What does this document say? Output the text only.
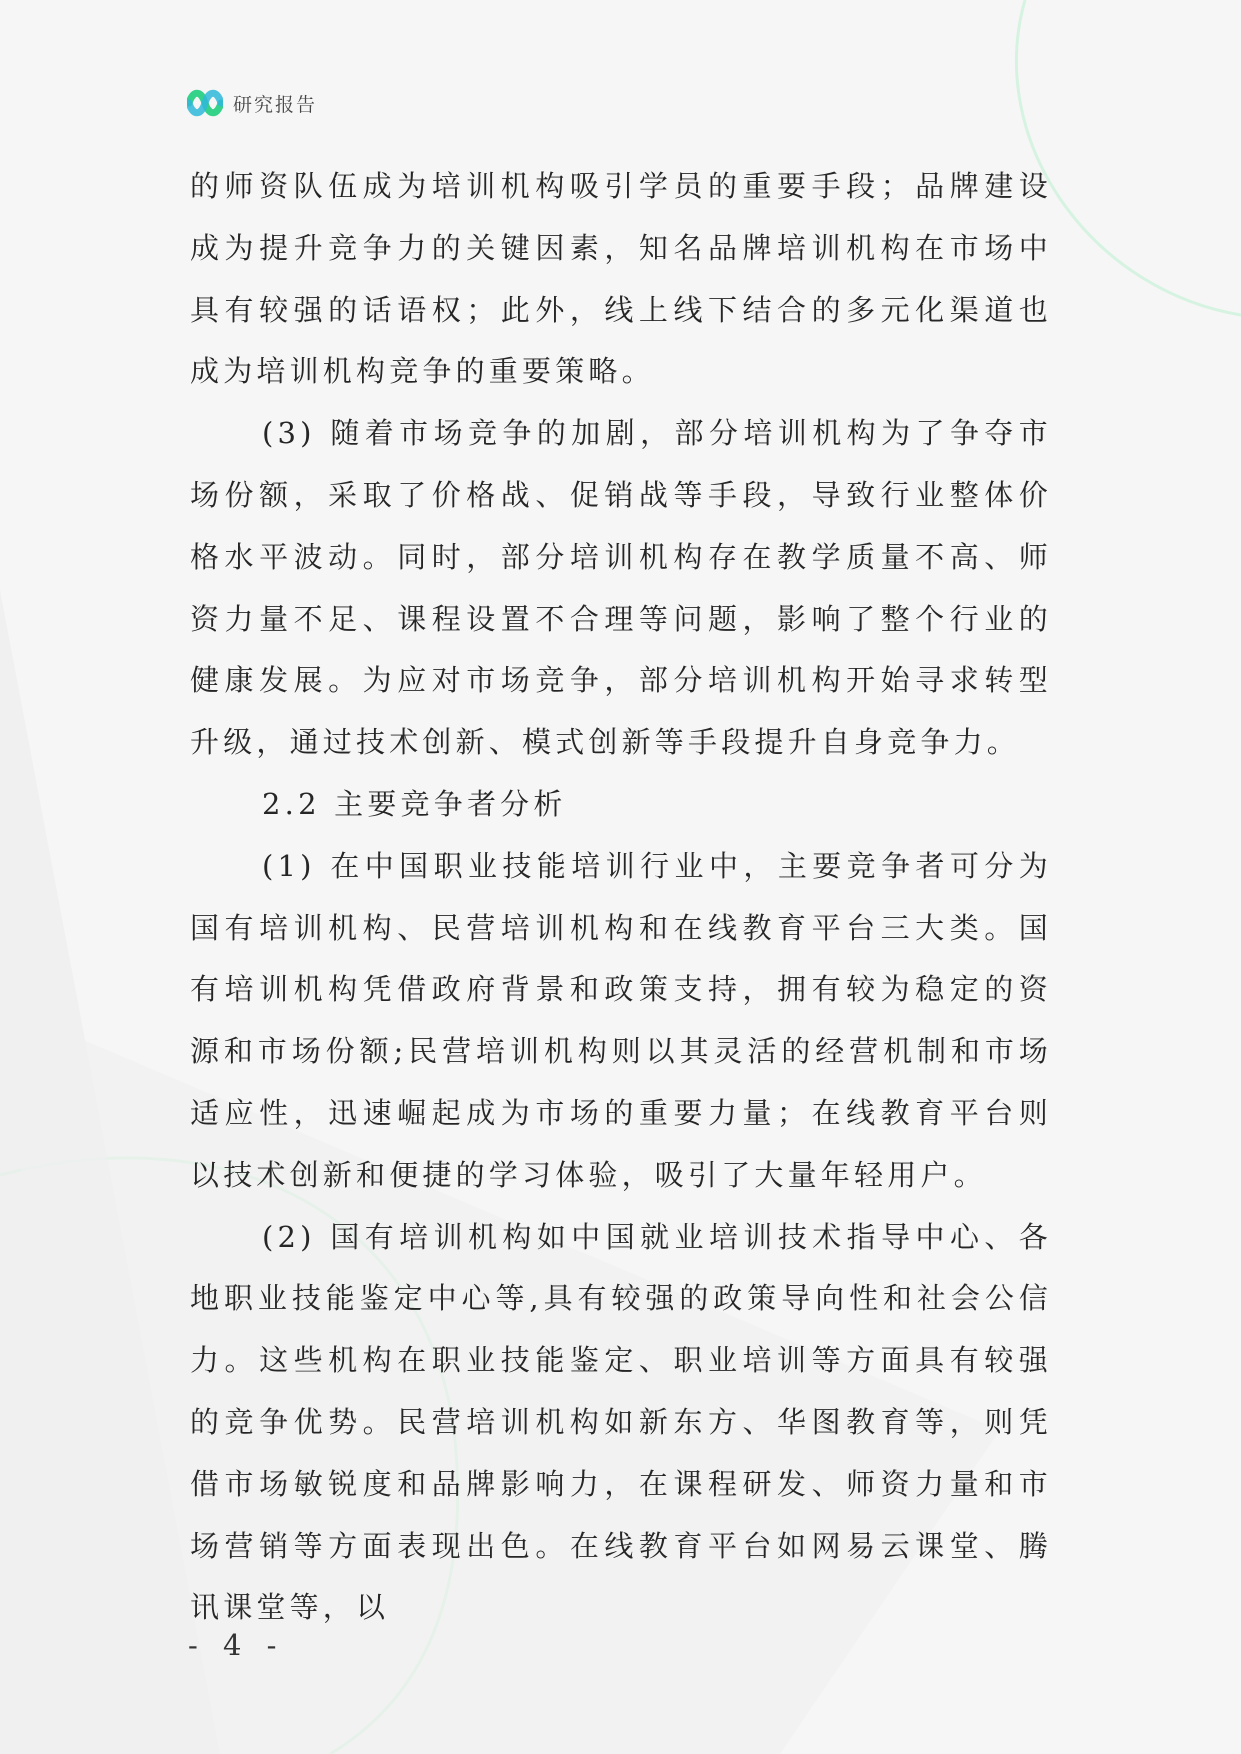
研究报告

的师资队伍成为培训机构吸引学员的重要手段；品牌建设成为提升竞争力的关键因素，知名品牌培训机构在市场中具有较强的话语权；此外，线上线下结合的多元化渠道也成为培训机构竞争的重要策略。

(3) 随着市场竞争的加剧，部分培训机构为了争夺市场份额，采取了价格战、促销战等手段，导致行业整体价格水平波动。同时，部分培训机构存在教学质量不高、师资力量不足、课程设置不合理等问题，影响了整个行业的健康发展。为应对市场竞争，部分培训机构开始寻求转型升级，通过技术创新、模式创新等手段提升自身竞争力。

2.2 主要竞争者分析

(1) 在中国职业技能培训行业中，主要竞争者可分为国有培训机构、民营培训机构和在线教育平台三大类。国有培训机构凭借政府背景和政策支持，拥有较为稳定的资源和市场份额;民营培训机构则以其灵活的经营机制和市场适应性，迅速崛起成为市场的重要力量；在线教育平台则以技术创新和便捷的学习体验，吸引了大量年轻用户。

(2) 国有培训机构如中国就业培训技术指导中心、各地职业技能鉴定中心等,具有较强的政策导向性和社会公信力。这些机构在职业技能鉴定、职业培训等方面具有较强的竞争优势。民营培训机构如新东方、华图教育等，则凭借市场敏锐度和品牌影响力，在课程研发、师资力量和市场营销等方面表现出色。在线教育平台如网易云课堂、腾讯课堂等，以

- 4 -
